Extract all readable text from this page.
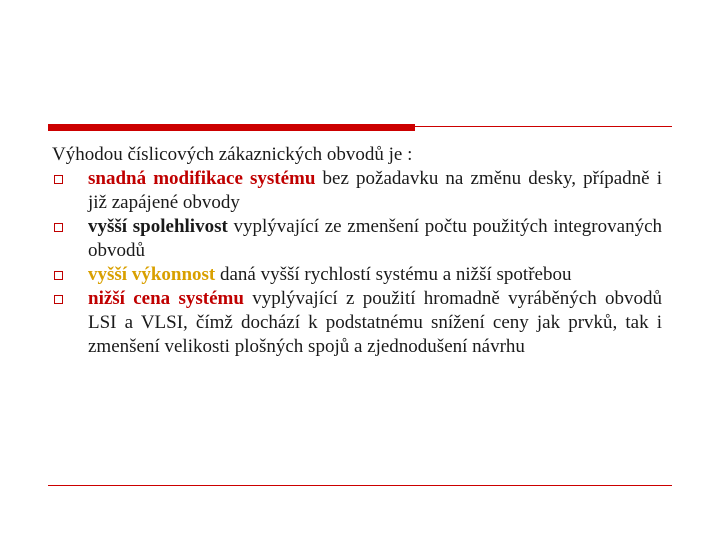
Výhodou číslicových zákaznických obvodů je :

snadná modifikace systému bez požadavku na změnu desky, případně i již zapájené obvody
vyšší spolehlivost vyplývající ze zmenšení počtu použitých integrovaných obvodů
vyšší výkonnost daná vyšší rychlostí systému a nižší spotřebou
nižší cena systému vyplývající z použití hromadně vyráběných obvodů LSI a VLSI, čímž dochází k podstatnému snížení ceny jak prvků, tak i zmenšení velikosti plošných spojů a zjednodušení návrhu
